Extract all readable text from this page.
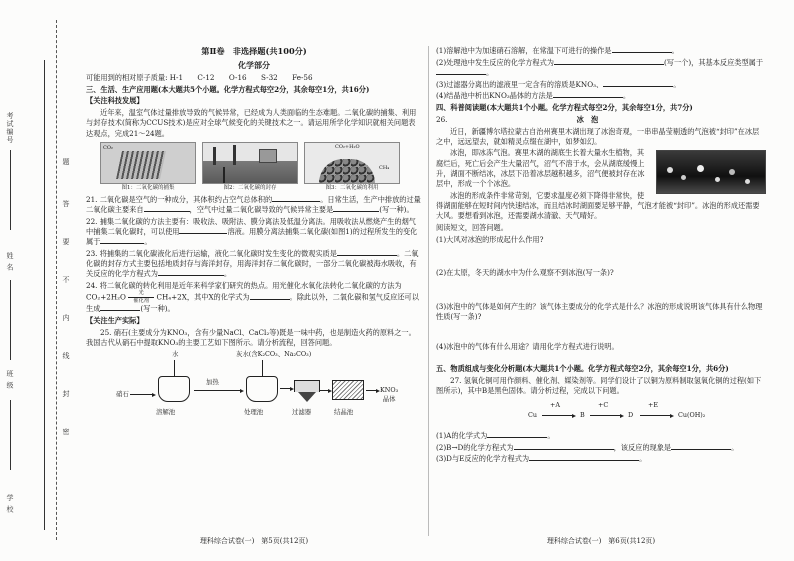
考试编号
姓 名
班 级
学 校
题
答
要
不
内
线
封
密
第Ⅱ卷　非选择题(共100分)
化学部分
可能用到的相对原子质量: H-1　　C-12　　O-16　　S-32　　Fe-56
三、生活、生产应用题(本大题共5个小题。化学方程式每空2分，其余每空1分，共16分)
【关注科技发展】
近年来，温室气体过量排放导致的气候异常，已经成为人类面临的生态难题。二氧化碳的捕集、利用与封存技术(简称为CCUS技术)是应对全球气候变化的关键技术之一。请运用所学化学知识就相关问题表达观点，完成21～24题。
CO₂
图1：二氧化碳的捕集	图2：二氧化碳的封存
CO₂+H₂O
CH₄
图3：二氧化碳的利用
21. 二氧化碳是空气的一种成分，其体积约占空气总体积的	。日常生活，生产中排放的过量二氧化碳主要来自	，空气中过量二氧化碳导致的气候异常主要是	(写一种)。
22. 捕集二氧化碳的方法主要有：吸收法、吸附法、膜分离法及低温分离法。用吸收法从燃烧产生的烟气中捕集二氧化碳时，可以使用	溶液。用膜分离法捕集二氧化碳(如图1)的过程所发生的变化属于	。
23. 将捕集的二氧化碳液化后进行运输，液化二氧化碳时发生变化的微观实质是	。二氧化碳的封存方式主要包括地质封存与海洋封存，用海洋封存二氧化碳时，一部分二氧化碳被海水吸收，有关反应的化学方程式为	。
24. 将二氧化碳的转化利用是近年来科学家们研究的热点。用光催化水氧化法转化二氧化碳的方法为$CO_2+2H_2O \frac{\text{光}}{\text{催化剂}} CH_4+2X$，其中X的化学式为	。除此以外，二氧化碳和氢气反应还可以生成	(写一种)。
【关注生产实际】
25. 硝石(主要成分为KNO₃，含有少量NaCl、CaCl₂等)既是一味中药，也是制造火药的原料之一。我国古代从硝石中提取KNO₃的主要工艺如下图所示。请分析流程，回答问题。
水	灰水(含K₂CO₃、Na₂CO₃)
硝石
加热
KNO₃
晶体
溶解池	处理池	过滤器	结晶池
理科综合试卷(一)　第5页(共12页)
(1)溶解池中为加速硝石溶解，在常温下可进行的操作是	。
(2)处理池中发生反应的化学方程式为	(写一个)，其基本反应类型属于。
(3)过滤器分离出的滤液里一定含有的溶质是KNO₃、	。
(4)结晶池中析出KNO₃晶体的方法是	。
四、科普阅读题(本大题共1个小题。化学方程式每空2分，其余每空1分，共7分)
26.	冰　泡
近日，新疆博尔塔拉蒙古自治州赛里木湖出现了冰泡奇观，一串串晶莹剔透的气泡被“封印”在冰层之中，远远望去，就如精灵点缀在湖中，如梦如幻。
冰泡，即冰冻气泡。赛里木湖的湖底生长着大量水生植物，其腐烂后，死亡后会产生大量沼气，沼气不溶于水，会从湖底缓慢上升，湖面不断结冰，冰层下沿着冰层越积越多，沼气便被封存在冰层中，形成一个个冰泡。
冰泡的形成条件非常苛刻，它要求温度必须下降得非常快，使得湖面能够在短时间内快速结冰，而且结冰时湖面要足够平静，气泡才能被“封印”。冰泡的形成还需要大风。要想看到冰泡，还需要湖水清澈、天气晴好。
阅读短文，回答问题。
(1)大风对冰泡的形成起什么作用?
(2)在太原，冬天的湖水中为什么观察不到冰泡(写一条)?
(3)冰泡中的气体是如何产生的？该气体主要成分的化学式是什么？冰泡的形成说明该气体具有什么物理性质(写一条)?
(4)冰泡中的气体有什么用途？请用化学方程式进行说明。
五、物质组成与变化分析题(本大题共1个小题。化学方程式每空2分，其余每空1分，共6分)
27. 氢氧化铜可用作颜料、催化剂、媒染剂等。同学们设计了以铜为原料制取氢氧化铜的过程(如下图所示)，其中B是黑色固体。请分析过程，完成以下问题。
Cu
+A
B
+C
D
+E
Cu(OH)₂
(1)A的化学式为	。
(2)B→D的化学方程式为	，该反应的现象是	。
(3)D与E反应的化学方程式为	。
理科综合试卷(一)　第6页(共12页)
